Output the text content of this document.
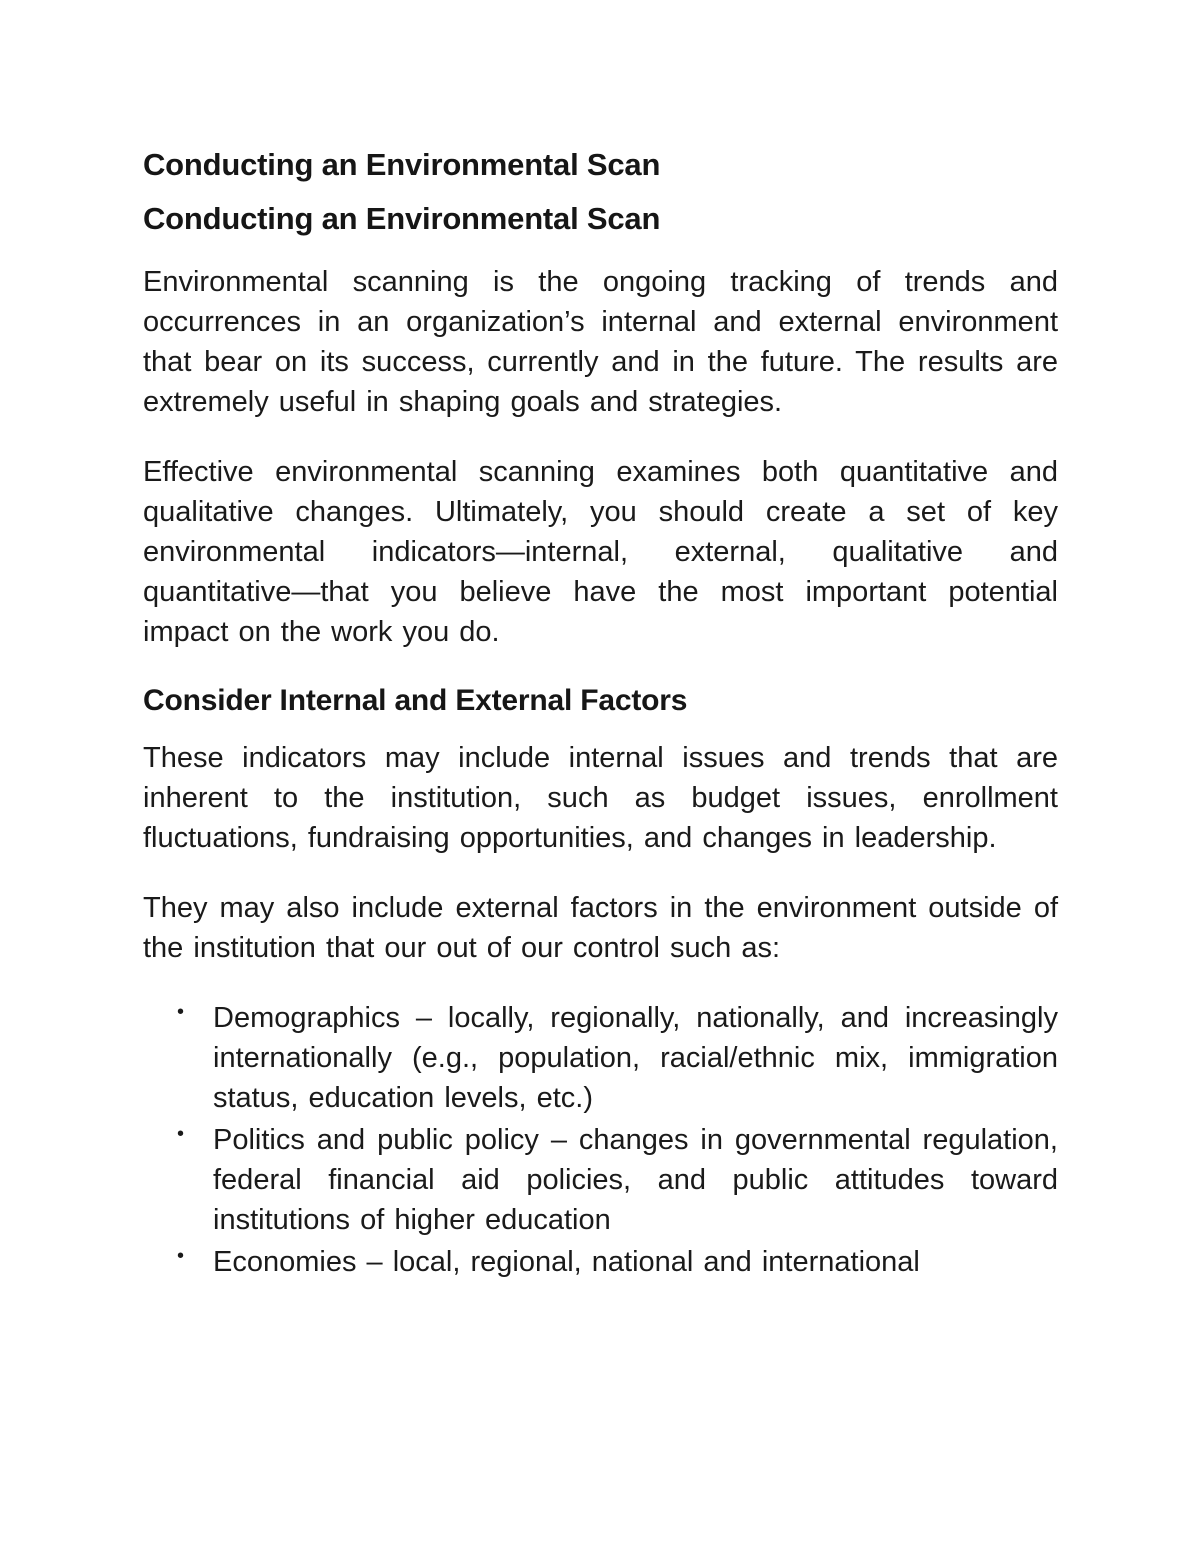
Conducting an Environmental Scan
Conducting an Environmental Scan

Environmental scanning is the ongoing tracking of trends and occurrences in an organization’s internal and external environment that bear on its success, currently and in the future. The results are extremely useful in shaping goals and strategies.

Effective environmental scanning examines both quantitative and qualitative changes. Ultimately, you should create a set of key environmental indicators—internal, external, qualitative and quantitative—that you believe have the most important potential impact on the work you do.

Consider Internal and External Factors

These indicators may include internal issues and trends that are inherent to the institution, such as budget issues, enrollment fluctuations, fundraising opportunities, and changes in leadership.

They may also include external factors in the environment outside of the institution that our out of our control such as:

• Demographics – locally, regionally, nationally, and increasingly internationally (e.g., population, racial/ethnic mix, immigration status, education levels, etc.)
• Politics and public policy – changes in governmental regulation, federal financial aid policies, and public attitudes toward institutions of higher education
• Economies – local, regional, national and international
